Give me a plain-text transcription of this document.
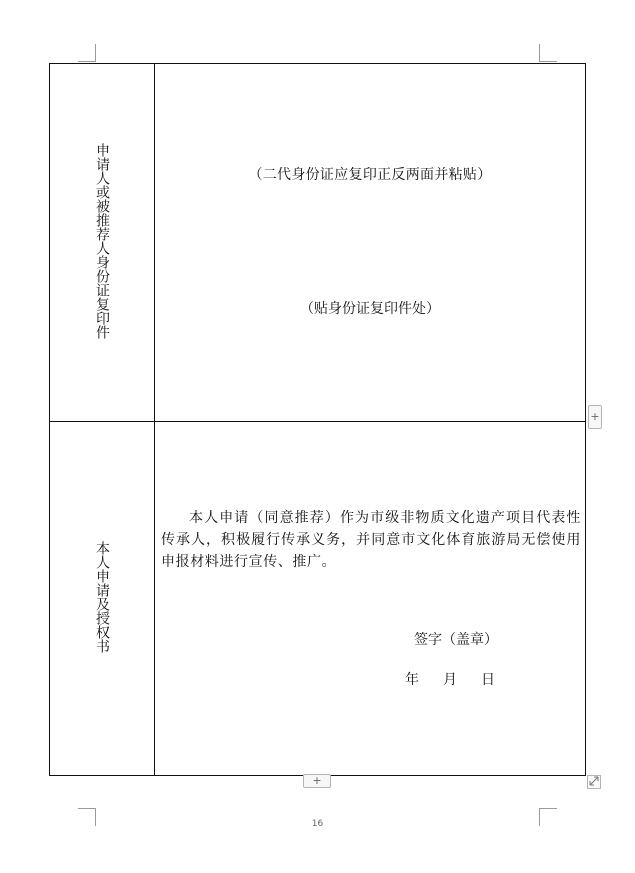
申请人或被推荐人身份证复印件	（二代身份证应复印正反两面并粘贴）
（贴身份证复印件处）

本人申请及授权书	本人申请（同意推荐）作为市级非物质文化遗产项目代表性传承人，积极履行传承义务，并同意市文化体育旅游局无偿使用申报材料进行宣传、推广。
签字（盖章）
年 月 日
+
+
16
